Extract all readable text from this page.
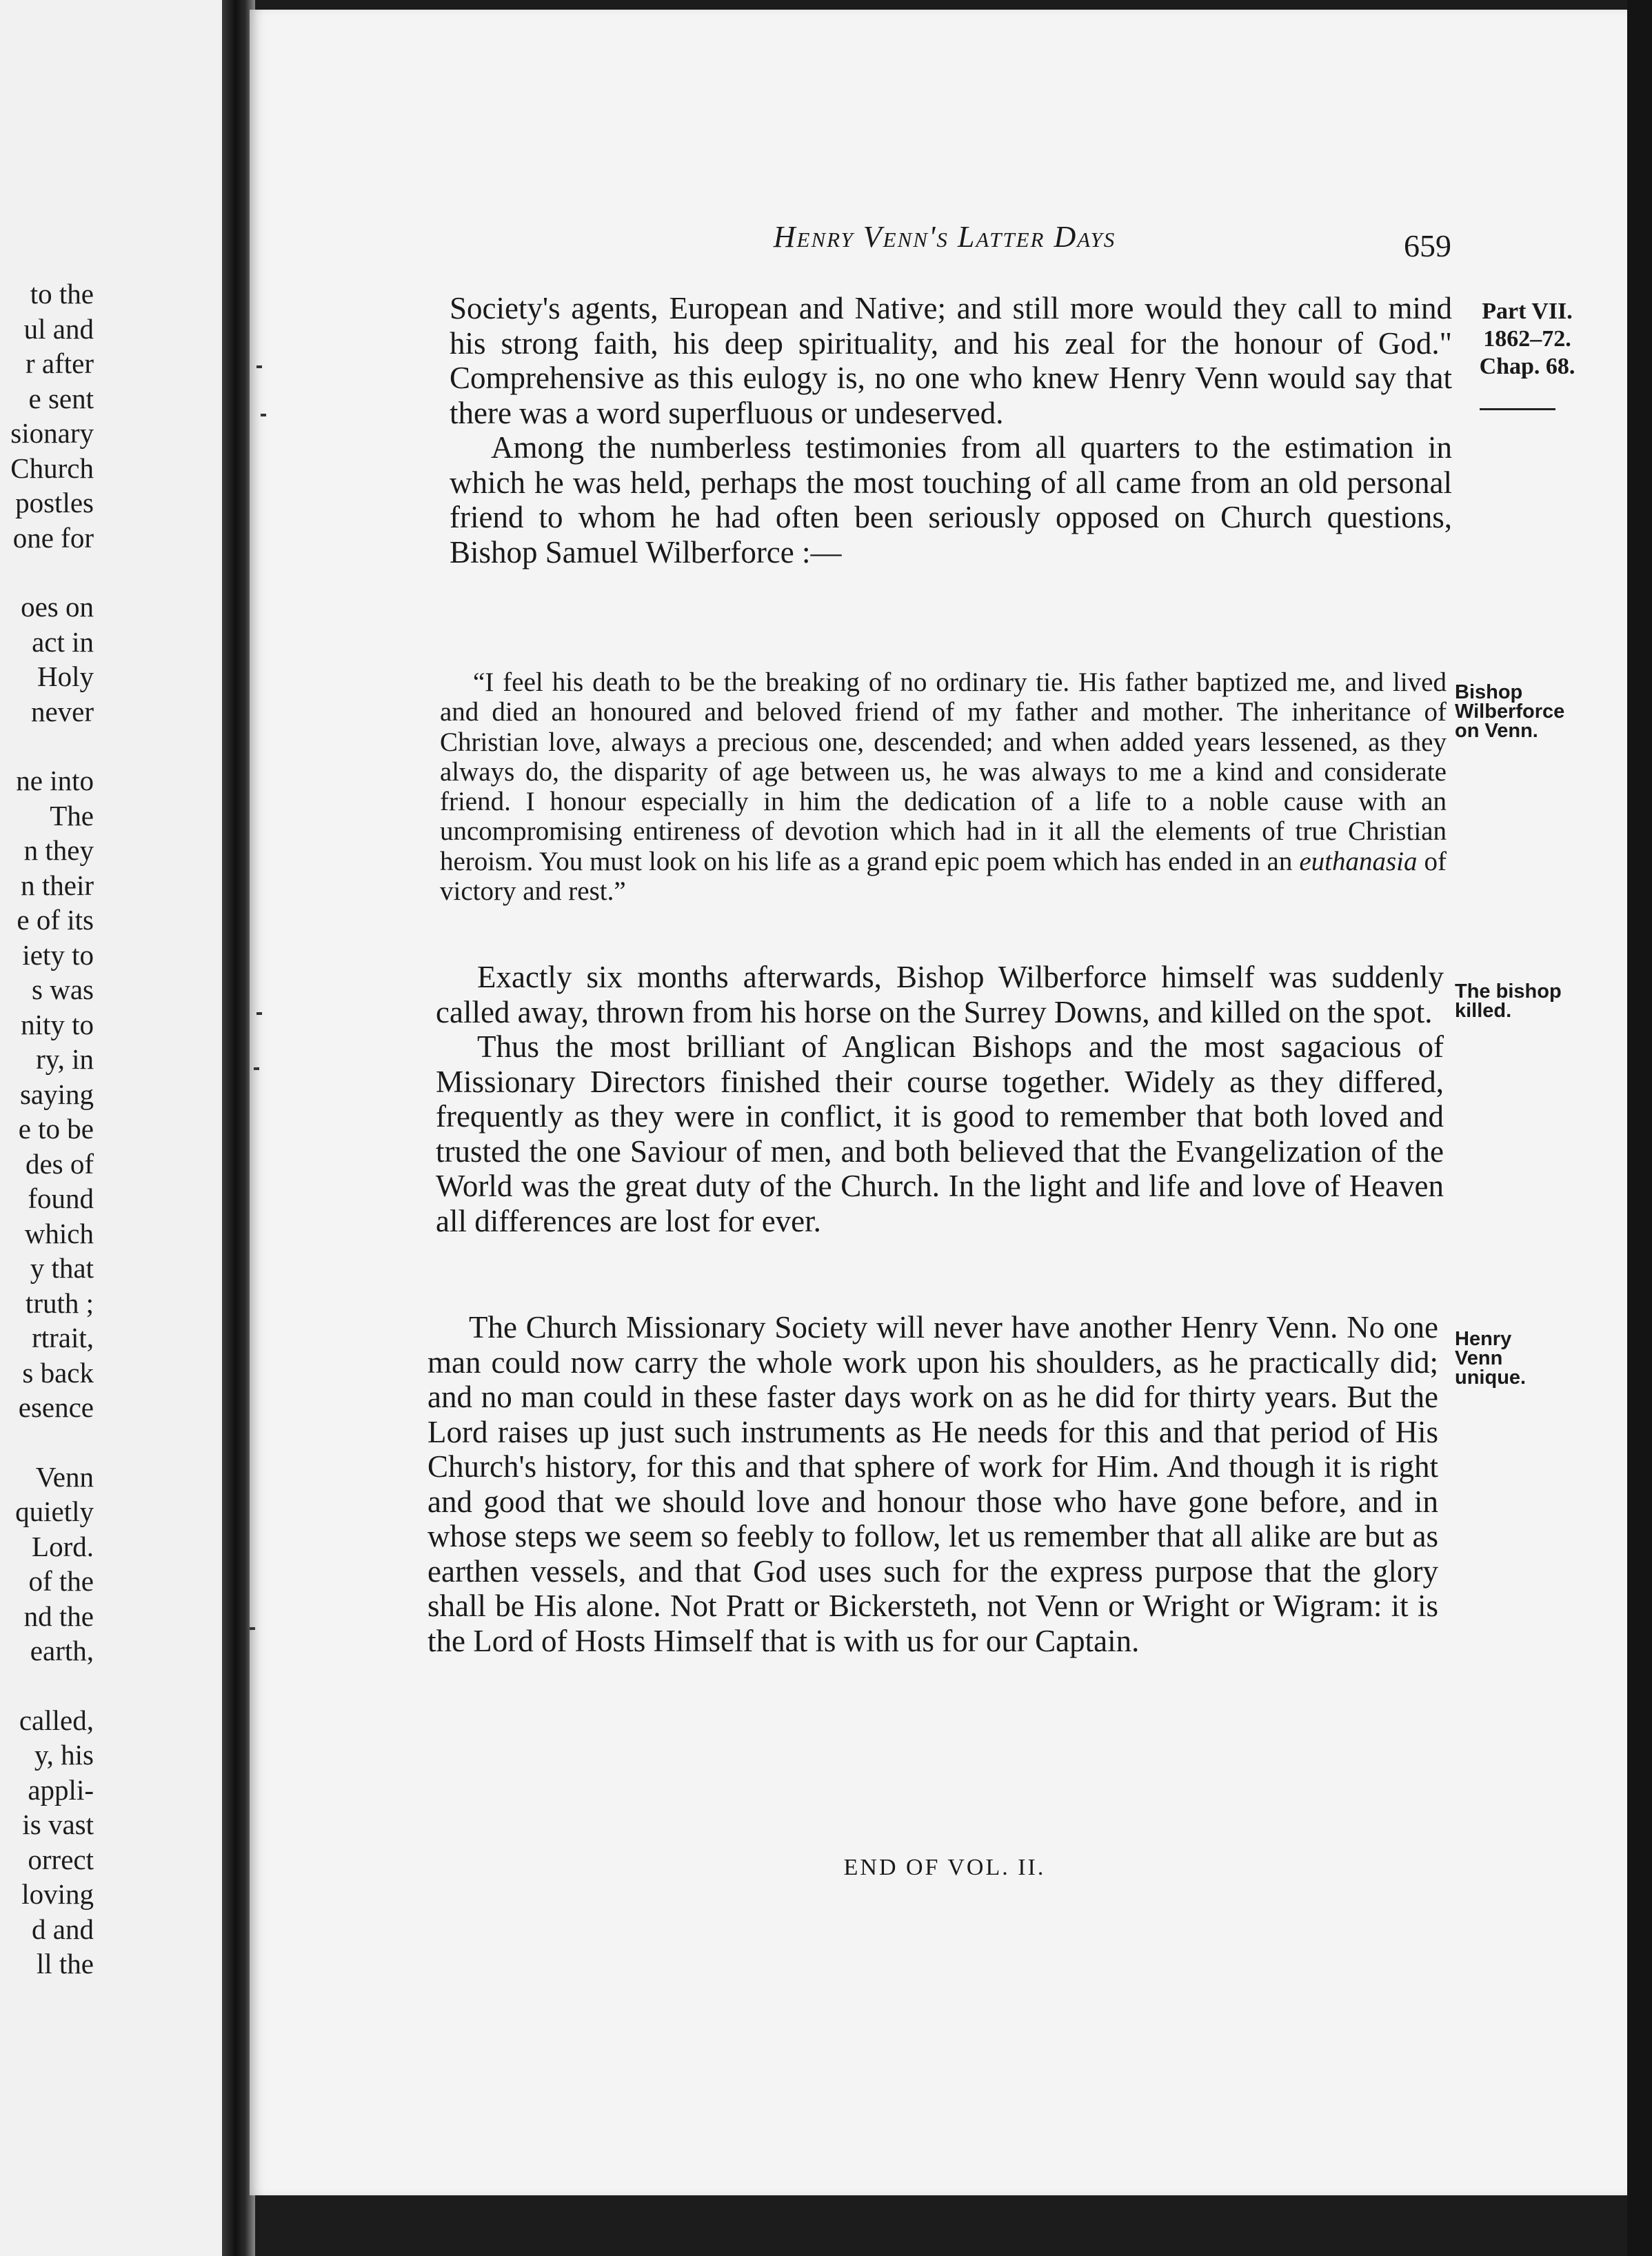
to the
ul and
r after
e sent
sionary
Church
postles
one for
oes on
act in
Holy
never
ne into
The
n they
n their
e of its
iety to
s was
nity to
ry, in
saying
e to be
des of
found
which
y that
truth ;
rtrait,
s back
esence
Venn
quietly
Lord.
of the
nd the
earth,
called,
y, his
appli-
is vast
orrect
loving
d and
ll the
Henry Venn's Latter Days	659
Part VII.
1862–72.
Chap. 68.

Society's agents, European and Native; and still more would they call to mind his strong faith, his deep spirituality, and his zeal for the honour of God." Comprehensive as this eulogy is, no one who knew Henry Venn would say that there was a word superfluous or undeserved.

Among the numberless testimonies from all quarters to the estimation in which he was held, perhaps the most touching of all came from an old personal friend to whom he had often been seriously opposed on Church questions, Bishop Samuel Wilberforce :—

Bishop Wilberforce on Venn.

“I feel his death to be the breaking of no ordinary tie. His father baptized me, and lived and died an honoured and beloved friend of my father and mother. The inheritance of Christian love, always a precious one, descended; and when added years lessened, as they always do, the disparity of age between us, he was always to me a kind and considerate friend. I honour especially in him the dedication of a life to a noble cause with an uncompromising entireness of devotion which had in it all the elements of true Christian heroism. You must look on his life as a grand epic poem which has ended in an euthanasia of victory and rest.”

The bishop killed.

Exactly six months afterwards, Bishop Wilberforce himself was suddenly called away, thrown from his horse on the Surrey Downs, and killed on the spot.

Thus the most brilliant of Anglican Bishops and the most sagacious of Missionary Directors finished their course together. Widely as they differed, frequently as they were in conflict, it is good to remember that both loved and trusted the one Saviour of men, and both believed that the Evangelization of the World was the great duty of the Church. In the light and life and love of Heaven all differences are lost for ever.

Henry Venn unique.

The Church Missionary Society will never have another Henry Venn. No one man could now carry the whole work upon his shoulders, as he practically did; and no man could in these faster days work on as he did for thirty years. But the Lord raises up just such instruments as He needs for this and that period of His Church's history, for this and that sphere of work for Him. And though it is right and good that we should love and honour those who have gone before, and in whose steps we seem so feebly to follow, let us remember that all alike are but as earthen vessels, and that God uses such for the express purpose that the glory shall be His alone. Not Pratt or Bickersteth, not Venn or Wright or Wigram: it is the Lord of Hosts Himself that is with us for our Captain.

END OF VOL. II.
